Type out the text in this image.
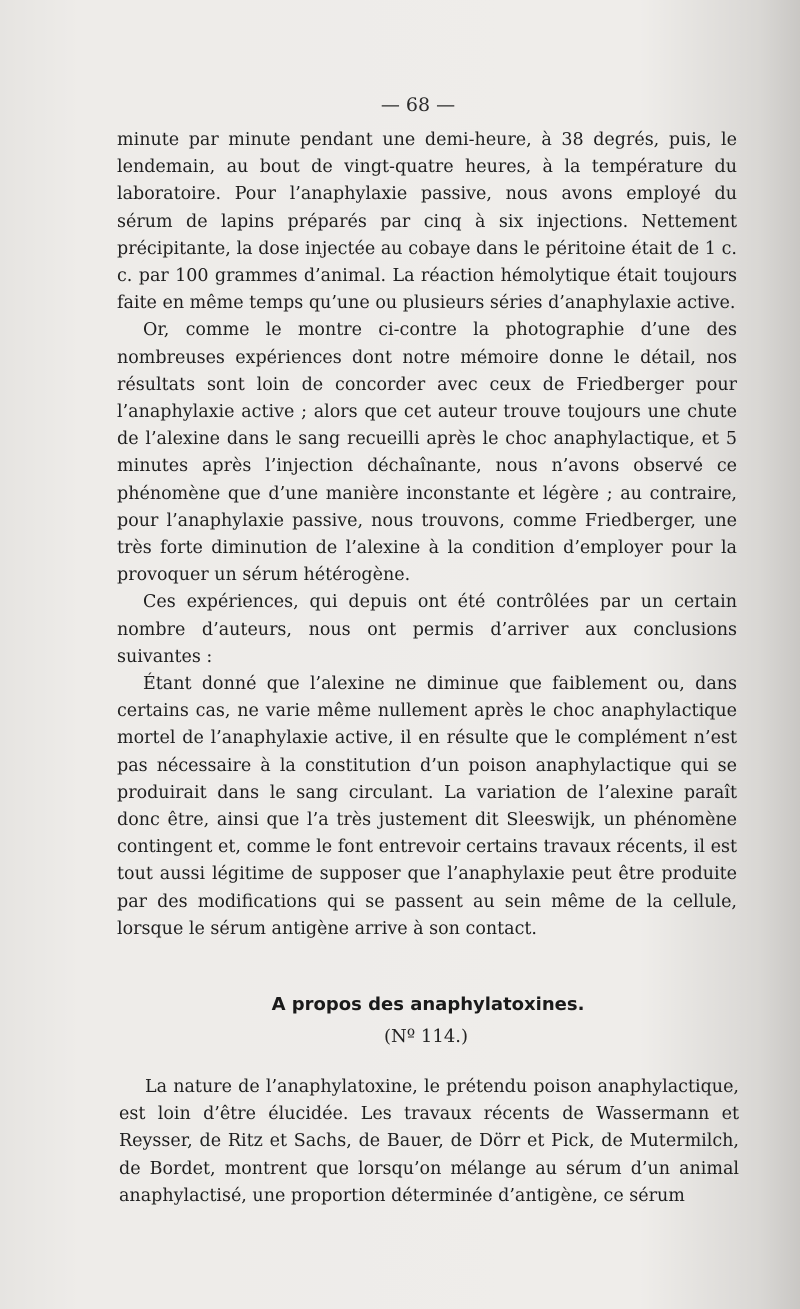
— 68 —

minute par minute pendant une demi-heure, à 38 degrés, puis, le lendemain, au bout de vingt-quatre heures, à la température du laboratoire. Pour l’anaphylaxie passive, nous avons employé du sérum de lapins préparés par cinq à six injections. Nettement précipitante, la dose injectée au cobaye dans le péritoine était de 1 c. c. par 100 grammes d’animal. La réaction hémolytique était toujours faite en même temps qu’une ou plusieurs séries d’anaphylaxie active.

Or, comme le montre ci-contre la photographie d’une des nombreuses expériences dont notre mémoire donne le détail, nos résultats sont loin de concorder avec ceux de Friedberger pour l’anaphylaxie active ; alors que cet auteur trouve toujours une chute de l’alexine dans le sang recueilli après le choc anaphylactique, et 5 minutes après l’injection déchaînante, nous n’avons observé ce phénomène que d’une manière inconstante et légère ; au contraire, pour l’anaphylaxie passive, nous trouvons, comme Friedberger, une très forte diminution de l’alexine à la condition d’employer pour la provoquer un sérum hétérogène.

Ces expériences, qui depuis ont été contrôlées par un certain nombre d’auteurs, nous ont permis d’arriver aux conclusions suivantes :

Étant donné que l’alexine ne diminue que faiblement ou, dans certains cas, ne varie même nullement après le choc anaphylactique mortel de l’anaphylaxie active, il en résulte que le complément n’est pas nécessaire à la constitution d’un poison anaphylactique qui se produirait dans le sang circulant. La variation de l’alexine paraît donc être, ainsi que l’a très justement dit Sleeswijk, un phénomène contingent et, comme le font entrevoir certains travaux récents, il est tout aussi légitime de supposer que l’anaphylaxie peut être produite par des modifications qui se passent au sein même de la cellule, lorsque le sérum antigène arrive à son contact.

A propos des anaphylatoxines.
(Nº 114.)

La nature de l’anaphylatoxine, le prétendu poison anaphylactique, est loin d’être élucidée. Les travaux récents de Wassermann et Reysser, de Ritz et Sachs, de Bauer, de Dörr et Pick, de Mutermilch, de Bordet, montrent que lorsqu’on mélange au sérum d’un animal anaphylactisé, une proportion déterminée d’antigène, ce sérum
